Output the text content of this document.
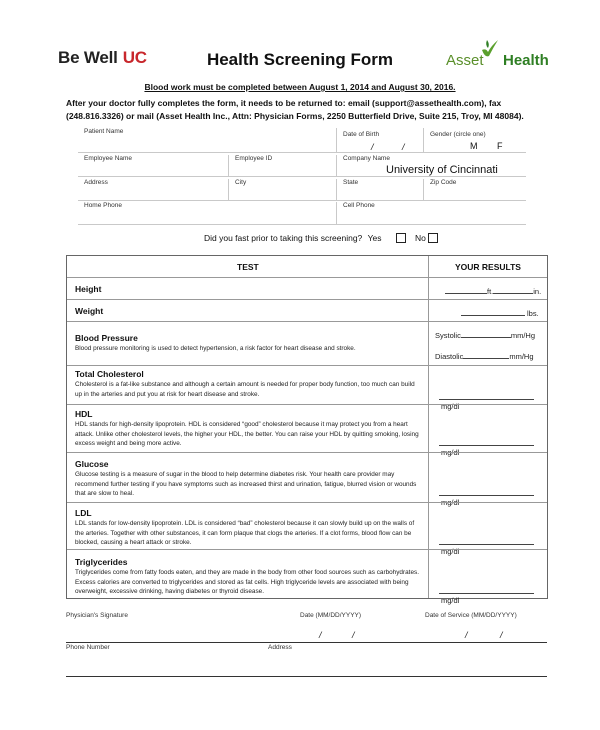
Be Well UC	Health Screening Form	Asset Health
Blood work must be completed between August 1, 2014 and August 30, 2016.
After your doctor fully completes the form, it needs to be returned to: email (support@assethealth.com), fax
(248.816.3326) or mail (Asset Health Inc., Attn: Physician Forms, 2250 Butterfield Drive, Suite 215, Troy, MI 48084).
Patient Name	Date of Birth	Gender (circle one)
/	/	M F
Employee Name	Employee ID	Company Name
University of Cincinnati
Address	City	State	Zip Code
Home Phone	Cell Phone
Did you fast prior to taking this screening? Yes	No
TEST	YOUR RESULTS
Height	ft.	in.
Weight	lbs.
Blood Pressure
Blood pressure monitoring is used to detect hypertension, a risk factor for heart disease and stroke.
Systolic	mm/Hg
Diastolic	mm/Hg
Total Cholesterol
Cholesterol is a fat-like substance and although a certain amount is needed for proper body function, too much can build up in the arteries and put you at risk for heart disease and stroke.
mg/dl
HDL
HDL stands for high-density lipoprotein. HDL is considered “good” cholesterol because it may protect you from a heart attack. Unlike other cholesterol levels, the higher your HDL, the better. You can raise your HDL by quitting smoking, losing excess weight and being more active.
mg/dl
Glucose
Glucose testing is a measure of sugar in the blood to help determine diabetes risk. Your health care provider may recommend further testing if you have symptoms such as increased thirst and urination, fatigue, blurred vision or wounds that are slow to heal.
mg/dl
LDL
LDL stands for low-density lipoprotein. LDL is considered “bad” cholesterol because it can slowly build up on the walls of the arteries. Together with other substances, it can form plaque that clogs the arteries. If a clot forms, blood flow can be blocked, causing a heart attack or stroke.
mg/dl
Triglycerides
Triglycerides come from fatty foods eaten, and they are made in the body from other food sources such as carbohydrates. Excess calories are converted to triglycerides and stored as fat cells. High triglyceride levels are associated with being overweight, excessive drinking, having diabetes or thyroid disease.
mg/dl
Physician's Signature	Date (MM/DD/YYYY)	Date of Service (MM/DD/YYYY)
/	/	/	/
Phone Number	Address
